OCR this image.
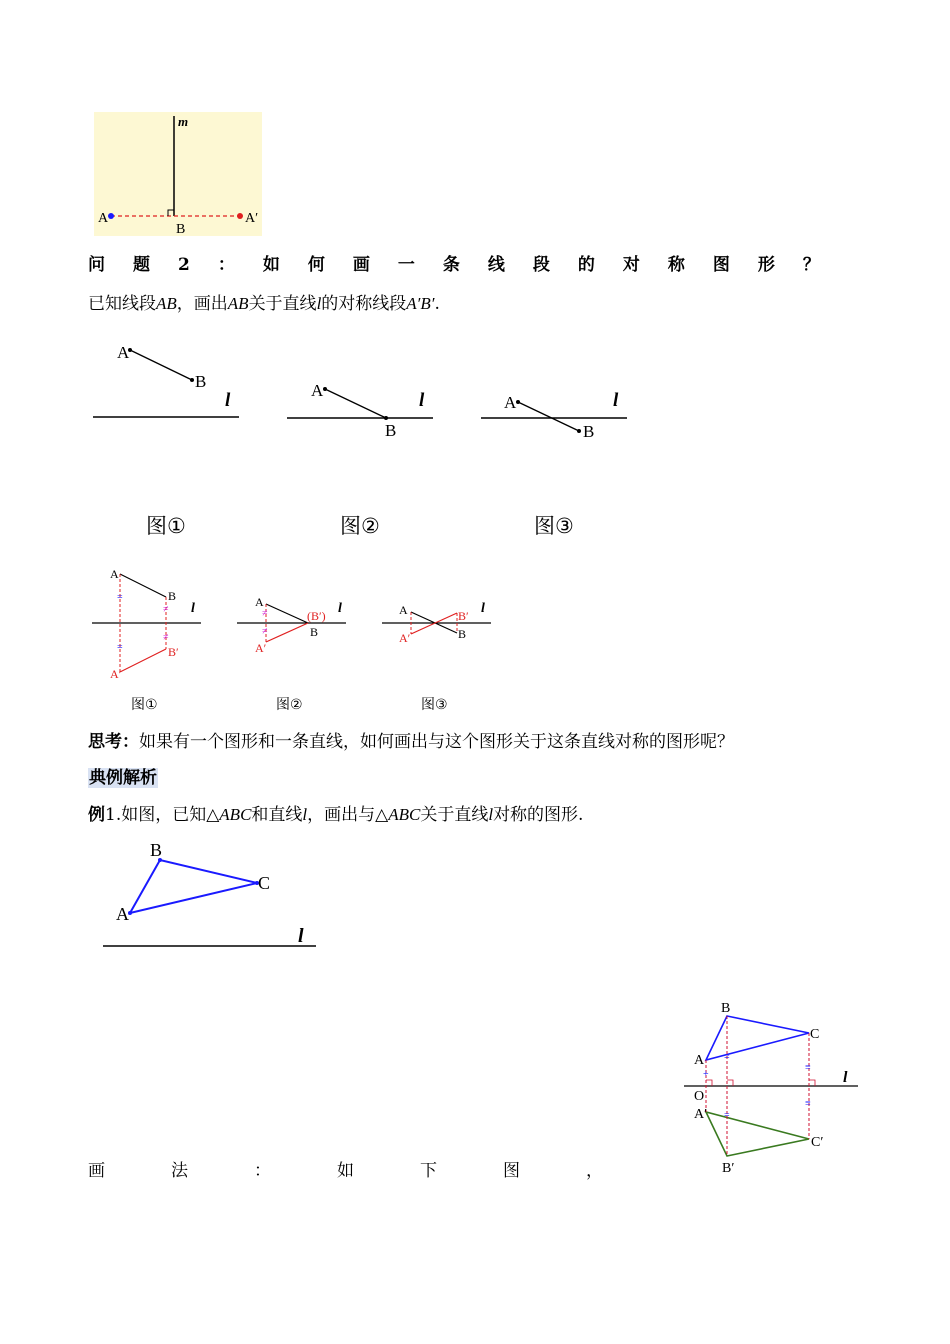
m
A
B
A′
问 题 2 ： 如 何 画 一 条 线 段 的 对 称 图 形 ？
已知线段AB，画出AB关于直线l的对称线段A′B′.
A
B
l	A
B
l	A
B
l
图①	图②	图③
=
=
≠
≠
A
B
A′
B′
l	≠
≠
A
B
A′
(B′) l	A
B
A′
B′ l
图①	图②	图③
思考：如果有一个图形和一条直线，如何画出与这个图形关于这条直线对称的图形呢？
典例解析
例1.如图，已知△ABC和直线l，画出与△ABC关于直线l对称的图形.
A
B
C
l
画	法	：	如	下	图	，
+
=
=
≡
≡
A
B
C
O
A′
B′
C′
l
